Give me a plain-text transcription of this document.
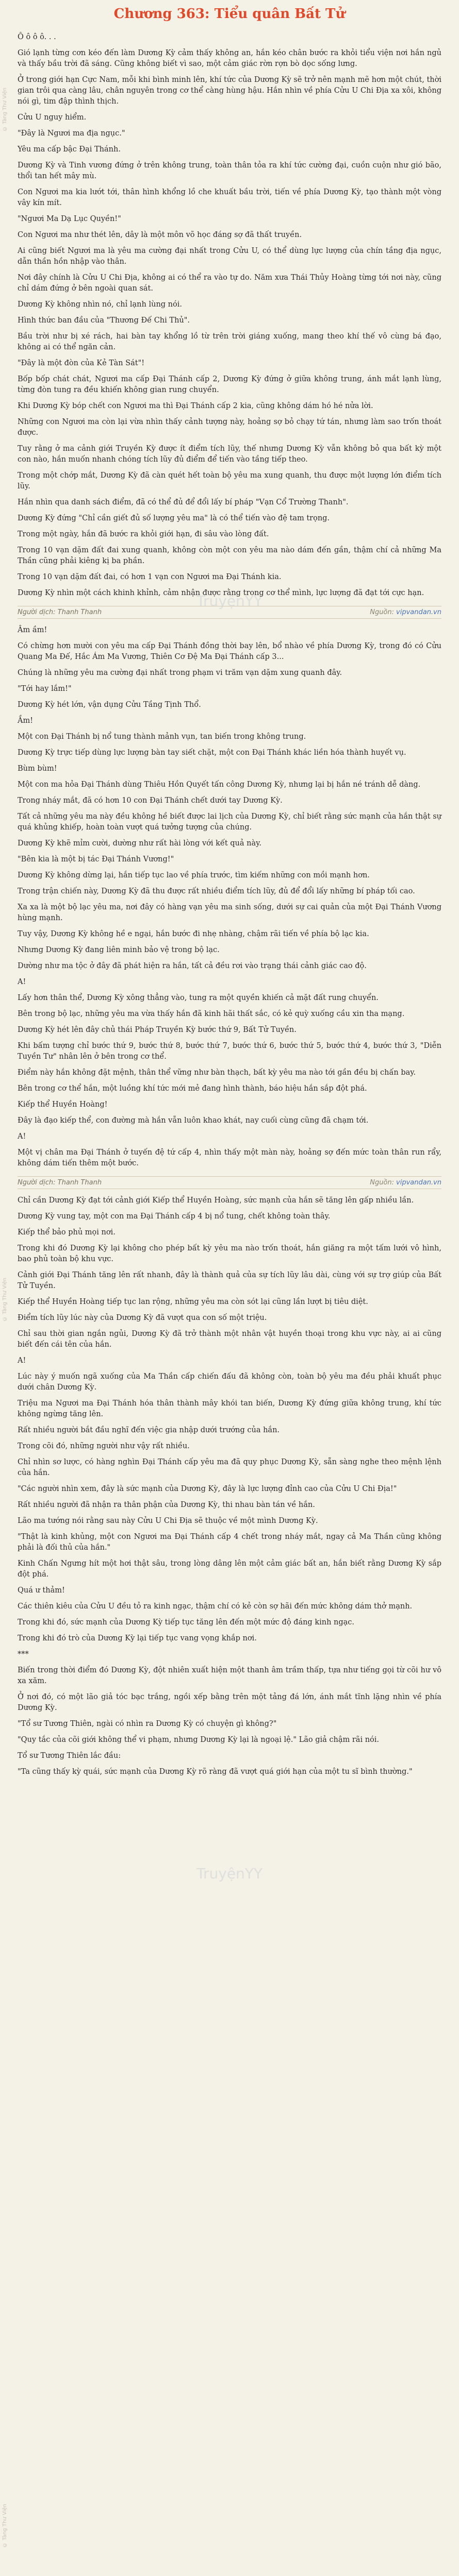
Chương 363: Tiểu quân Bất Tử
© Tàng Thư Viện
© Tàng Thư Viện
© Tàng Thư Viện
TruyệnYY
TruyệnYY

Ô ô ô ô. . .

Gió lạnh từng cơn kéo đến làm Dương Kỳ cảm thấy không an, hắn kéo chân bước ra khỏi tiểu viện nơi hắn ngủ và thấy bầu trời đã sáng. Cũng không biết vì sao, một cảm giác rờn rợn bò dọc sống lưng.

Ở trong giới hạn Cực Nam, mỗi khi bình minh lên, khí tức của Dương Kỳ sẽ trở nên mạnh mẽ hơn một chút, thời gian trôi qua càng lâu, chân nguyên trong cơ thể càng hùng hậu. Hắn nhìn về phía Cửu U Chi Địa xa xôi, không nói gì, tim đập thình thịch.

Cửu U nguy hiểm.

"Đây là Ngươi ma địa ngục."

Yêu ma cấp bậc Đại Thánh.

Dương Kỳ và Tinh vương đứng ở trên không trung, toàn thân tỏa ra khí tức cường đại, cuồn cuộn như gió bão, thổi tan hết mây mù.

Con Ngươi ma kia lướt tới, thân hình khổng lồ che khuất bầu trời, tiến về phía Dương Kỳ, tạo thành một vòng vây kín mít.

"Ngươi Ma Dạ Lục Quyền!"

Con Ngươi ma như thét lên, dây là một môn võ học đáng sợ đã thất truyền.

Ai cũng biết Ngươi ma là yêu ma cường đại nhất trong Cửu U, có thể dùng lực lượng của chín tầng địa ngục, dẫn thần hồn nhập vào thân.

Nơi đây chính là Cửu U Chi Địa, không ai có thể ra vào tự do. Năm xưa Thái Thủy Hoàng từng tới nơi này, cũng chỉ dám đứng ở bên ngoài quan sát.

Dương Kỳ không nhìn nó, chỉ lạnh lùng nói.

Hình thức ban đầu của "Thương Đế Chi Thủ".

Bầu trời như bị xé rách, hai bàn tay khổng lồ từ trên trời giáng xuống, mang theo khí thế vô cùng bá đạo, không ai có thể ngăn cản.

"Đây là một đòn của Kẻ Tàn Sát"!

Bốp bốp chát chát, Ngươi ma cấp Đại Thánh cấp 2, Dương Kỳ đứng ở giữa không trung, ánh mắt lạnh lùng, từng đòn tung ra đều khiến không gian rung chuyển.

Khi Dương Kỳ bóp chết con Ngươi ma thì Đại Thánh cấp 2 kia, cũng không dám hó hé nửa lời.

Những con Ngươi ma còn lại vừa nhìn thấy cảnh tượng này, hoảng sợ bỏ chạy tứ tán, nhưng làm sao trốn thoát được.

Tuy rằng ở ma cảnh giới Truyền Kỳ được ít điểm tích lũy, thế nhưng Dương Kỳ vẫn không bỏ qua bất kỳ một con nào, hắn muốn nhanh chóng tích lũy đủ điểm để tiến vào tầng tiếp theo.

Trong một chớp mắt, Dương Kỳ đã càn quét hết toàn bộ yêu ma xung quanh, thu được một lượng lớn điểm tích lũy.

Hắn nhìn qua danh sách điểm, đã có thể đủ để đổi lấy bí pháp "Vạn Cổ Trường Thanh".

Dương Kỳ đứng "Chỉ cần giết đủ số lượng yêu ma" là có thể tiến vào đệ tam trọng.

Trong một ngày, hắn đã bước ra khỏi giới hạn, đi sâu vào lòng đất.

Trong 10 vạn dặm đất đai xung quanh, không còn một con yêu ma nào dám đến gần, thậm chí cả những Ma Thần cũng phải kiêng kị ba phần.

Trong 10 vạn dặm đất đai, có hơn 1 vạn con Ngươi ma Đại Thánh kia.

Dương Kỳ nhìn một cách khinh khỉnh, cảm nhận được rằng trong cơ thể mình, lực lượng đã đạt tới cực hạn.

Người dịch: Thanh Thanh	Nguồn: vipvandan.vn

Âm ầm!

Có chừng hơn mười con yêu ma cấp Đại Thánh đồng thời bay lên, bổ nhào về phía Dương Kỳ, trong đó có Cửu Quang Ma Đế, Hắc Ám Ma Vương, Thiên Cơ Đệ Ma Đại Thánh cấp 3...

Chúng là những yêu ma cường đại nhất trong phạm vi trăm vạn dặm xung quanh đây.

"Tới hay lắm!"

Dương Kỳ hét lớn, vận dụng Cửu Tầng Tịnh Thổ.

Ầm!

Một con Đại Thánh bị nổ tung thành mảnh vụn, tan biến trong không trung.

Dương Kỳ trực tiếp dùng lực lượng bàn tay siết chặt, một con Đại Thánh khác liền hóa thành huyết vụ.

Bùm bùm!

Một con ma hỏa Đại Thánh dùng Thiêu Hồn Quyết tấn công Dương Kỳ, nhưng lại bị hắn né tránh dễ dàng.

Trong nháy mắt, đã có hơn 10 con Đại Thánh chết dưới tay Dương Kỳ.

Tất cả những yêu ma này đều không hề biết được lai lịch của Dương Kỳ, chỉ biết rằng sức mạnh của hắn thật sự quá khủng khiếp, hoàn toàn vượt quá tưởng tượng của chúng.

Dương Kỳ khẽ mỉm cười, dường như rất hài lòng với kết quả này.

"Bên kia là một bị tác Đại Thánh Vương!"

Dương Kỳ không dừng lại, hắn tiếp tục lao về phía trước, tìm kiếm những con mồi mạnh hơn.

Trong trận chiến này, Dương Kỳ đã thu được rất nhiều điểm tích lũy, đủ để đổi lấy những bí pháp tối cao.

Xa xa là một bộ lạc yêu ma, nơi đây có hàng vạn yêu ma sinh sống, dưới sự cai quản của một Đại Thánh Vương hùng mạnh.

Tuy vậy, Dương Kỳ không hề e ngại, hắn bước đi nhẹ nhàng, chậm rãi tiến về phía bộ lạc kia.

Nhưng Dương Kỳ đang liên minh bảo vệ trong bộ lạc.

Dường như ma tộc ở đây đã phát hiện ra hắn, tất cả đều rơi vào trạng thái cảnh giác cao độ.

A!

Lấy hơn thân thể, Dương Kỳ xông thẳng vào, tung ra một quyền khiến cả mặt đất rung chuyển.

Bên trong bộ lạc, những yêu ma vừa thấy hắn đã kinh hãi thất sắc, có kẻ quỳ xuống cầu xin tha mạng.

Dương Kỳ hét lên đây chủ thái Pháp Truyền Kỳ bước thứ 9, Bất Tử Tuyền.

Khi bấm tượng chỉ bước thứ 9, bước thứ 8, bước thứ 7, bước thứ 6, bước thứ 5, bước thứ 4, bước thứ 3, "Diễn Tuyền Tư" nhân lên ở bên trong cơ thể.

Điểm này hắn không đặt mệnh, thân thể vững như bàn thạch, bất kỳ yêu ma nào tới gần đều bị chấn bay.

Bên trong cơ thể hắn, một luồng khí tức mới mẻ đang hình thành, báo hiệu hắn sắp đột phá.

Kiếp thể Huyền Hoàng!

Đây là đạo kiếp thể, con đường mà hắn vẫn luôn khao khát, nay cuối cùng cũng đã chạm tới.

A!

Một vị chân ma Đại Thánh ở tuyến đệ tứ cấp 4, nhìn thấy một màn này, hoảng sợ đến mức toàn thân run rẩy, không dám tiến thêm một bước.

Người dịch: Thanh Thanh	Nguồn: vipvandan.vn

Chỉ cần Dương Kỳ đạt tới cảnh giới Kiếp thể Huyền Hoàng, sức mạnh của hắn sẽ tăng lên gấp nhiều lần.

Dương Kỳ vung tay, một con ma Đại Thánh cấp 4 bị nổ tung, chết không toàn thây.

Kiếp thể bảo phủ mọi nơi.

Trong khi đó Dương Kỳ lại không cho phép bất kỳ yêu ma nào trốn thoát, hắn giăng ra một tấm lưới vô hình, bao phủ toàn bộ khu vực.

Cảnh giới Đại Thánh tăng lên rất nhanh, đây là thành quả của sự tích lũy lâu dài, cùng với sự trợ giúp của Bất Tử Tuyền.

Kiếp thể Huyền Hoàng tiếp tục lan rộng, những yêu ma còn sót lại cũng lần lượt bị tiêu diệt.

Điểm tích lũy lúc này của Dương Kỳ đã vượt qua con số một triệu.

Chỉ sau thời gian ngắn ngủi, Dương Kỳ đã trở thành một nhân vật huyền thoại trong khu vực này, ai ai cũng biết đến cái tên của hắn.

A!

Lúc này ý muốn ngã xuống của Ma Thần cấp chiến đấu đã không còn, toàn bộ yêu ma đều phải khuất phục dưới chân Dương Kỳ.

Triệu ma Ngươi ma Đại Thánh hóa thân thành mây khói tan biến, Dương Kỳ đứng giữa không trung, khí tức không ngừng tăng lên.

Rất nhiều người bắt đầu nghĩ đến việc gia nhập dưới trướng của hắn.

Trong cõi đó, những người như vậy rất nhiều.

Chỉ nhìn sơ lược, có hàng nghìn Đại Thánh cấp yêu ma đã quy phục Dương Kỳ, sẵn sàng nghe theo mệnh lệnh của hắn.

"Các người nhìn xem, đây là sức mạnh của Dương Kỳ, đây là lực lượng đỉnh cao của Cửu U Chi Địa!"

Rất nhiều người đã nhận ra thân phận của Dương Kỳ, thi nhau bàn tán về hắn.

Lão ma tướng nói rằng sau này Cửu U Chi Địa sẽ thuộc về một mình Dương Kỳ.

"Thật là kinh khủng, một con Ngươi ma Đại Thánh cấp 4 chết trong nháy mắt, ngay cả Ma Thần cũng không phải là đối thủ của hắn."

Kinh Chấn Ngưng hít một hơi thật sâu, trong lòng dâng lên một cảm giác bất an, hắn biết rằng Dương Kỳ sắp đột phá.

Quá ư thảm!

Các thiên kiêu của Cửu U đều tỏ ra kinh ngạc, thậm chí có kẻ còn sợ hãi đến mức không dám thở mạnh.

Trong khi đó, sức mạnh của Dương Kỳ tiếp tục tăng lên đến một mức độ đáng kinh ngạc.

Trong khi đó trò của Dương Kỳ lại tiếp tục vang vọng khắp nơi.

***

Biến trong thời điểm đó Dương Kỳ, đột nhiên xuất hiện một thanh âm trầm thấp, tựa như tiếng gọi từ cõi hư vô xa xăm.

Ở nơi đó, có một lão giả tóc bạc trắng, ngồi xếp bằng trên một tảng đá lớn, ánh mắt tĩnh lặng nhìn về phía Dương Kỳ.

"Tổ sư Tương Thiên, ngài có nhìn ra Dương Kỳ có chuyện gì không?"

"Quy tắc của cõi giới không thể vi phạm, nhưng Dương Kỳ lại là ngoại lệ." Lão giả chậm rãi nói.

Tổ sư Tương Thiên lắc đầu:

"Ta cũng thấy kỳ quái, sức mạnh của Dương Kỳ rõ ràng đã vượt quá giới hạn của một tu sĩ bình thường."
